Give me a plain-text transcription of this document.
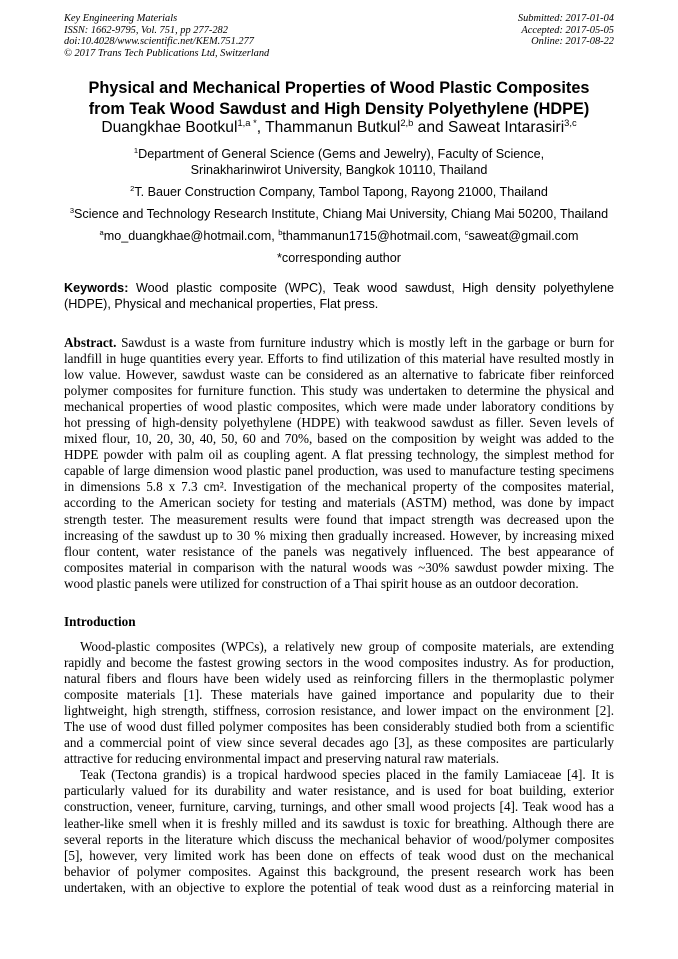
Key Engineering Materials
ISSN: 1662-9795, Vol. 751, pp 277-282
doi:10.4028/www.scientific.net/KEM.751.277
© 2017 Trans Tech Publications Ltd, Switzerland
Submitted: 2017-01-04
Accepted: 2017-05-05
Online: 2017-08-22
Physical and Mechanical Properties of Wood Plastic Composites
from Teak Wood Sawdust and High Density Polyethylene (HDPE)
Duangkhae Bootkul$^{1,a *}$, Thammanun Butkul$^{2,b}$ and Saweat Intarasiri$^{3,c}$
$^1$Department of General Science (Gems and Jewelry), Faculty of Science,
Srinakharinwirot University, Bangkok 10110, Thailand
$^2$T. Bauer Construction Company, Tambol Tapong, Rayong 21000, Thailand
$^3$Science and Technology Research Institute, Chiang Mai University, Chiang Mai 50200, Thailand
$^a$mo_duangkhae@hotmail.com, $^b$thammanun1715@hotmail.com, $^c$saweat@gmail.com
*corresponding author
Keywords: Wood plastic composite (WPC), Teak wood sawdust, High density polyethylene (HDPE), Physical and mechanical properties, Flat press.
Abstract. Sawdust is a waste from furniture industry which is mostly left in the garbage or burn for
landfill in huge quantities every year. Efforts to find utilization of this material have resulted mostly in
low value. However, sawdust waste can be considered as an alternative to fabricate fiber reinforced
polymer composites for furniture function. This study was undertaken to determine the physical and
mechanical properties of wood plastic composites, which were made under laboratory conditions by
hot pressing of high-density polyethylene (HDPE) with teakwood sawdust as filler. Seven levels of
mixed flour, 10, 20, 30, 40, 50, 60 and 70%, based on the composition by weight was added to the
HDPE powder with palm oil as coupling agent. A flat pressing technology, the simplest method for
capable of large dimension wood plastic panel production, was used to manufacture testing specimens
in dimensions 5.8 x 7.3 cm². Investigation of the mechanical property of the composites material,
according to the American society for testing and materials (ASTM) method, was done by impact
strength tester. The measurement results were found that impact strength was decreased upon the
increasing of the sawdust up to 30 % mixing then gradually increased. However, by increasing mixed
flour content, water resistance of the panels was negatively influenced. The best appearance of
composites material in comparison with the natural woods was ~30% sawdust powder mixing. The
wood plastic panels were utilized for construction of a Thai spirit house as an outdoor decoration.
Introduction
Wood-plastic composites (WPCs), a relatively new group of composite materials, are extending
rapidly and become the fastest growing sectors in the wood composites industry. As for production,
natural fibers and flours have been widely used as reinforcing fillers in the thermoplastic polymer
composite materials [1]. These materials have gained importance and popularity due to their
lightweight, high strength, stiffness, corrosion resistance, and lower impact on the environment [2].
The use of wood dust filled polymer composites has been considerably studied both from a scientific
and a commercial point of view since several decades ago [3], as these composites are particularly
attractive for reducing environmental impact and preserving natural raw materials.
Teak (Tectona grandis) is a tropical hardwood species placed in the family Lamiaceae [4]. It is
particularly valued for its durability and water resistance, and is used for boat building, exterior
construction, veneer, furniture, carving, turnings, and other small wood projects [4]. Teak wood has a
leather-like smell when it is freshly milled and its sawdust is toxic for breathing. Although there are
several reports in the literature which discuss the mechanical behavior of wood/polymer composites
[5], however, very limited work has been done on effects of teak wood dust on the mechanical
behavior of polymer composites. Against this background, the present research work has been
undertaken, with an objective to explore the potential of teak wood dust as a reinforcing material in
